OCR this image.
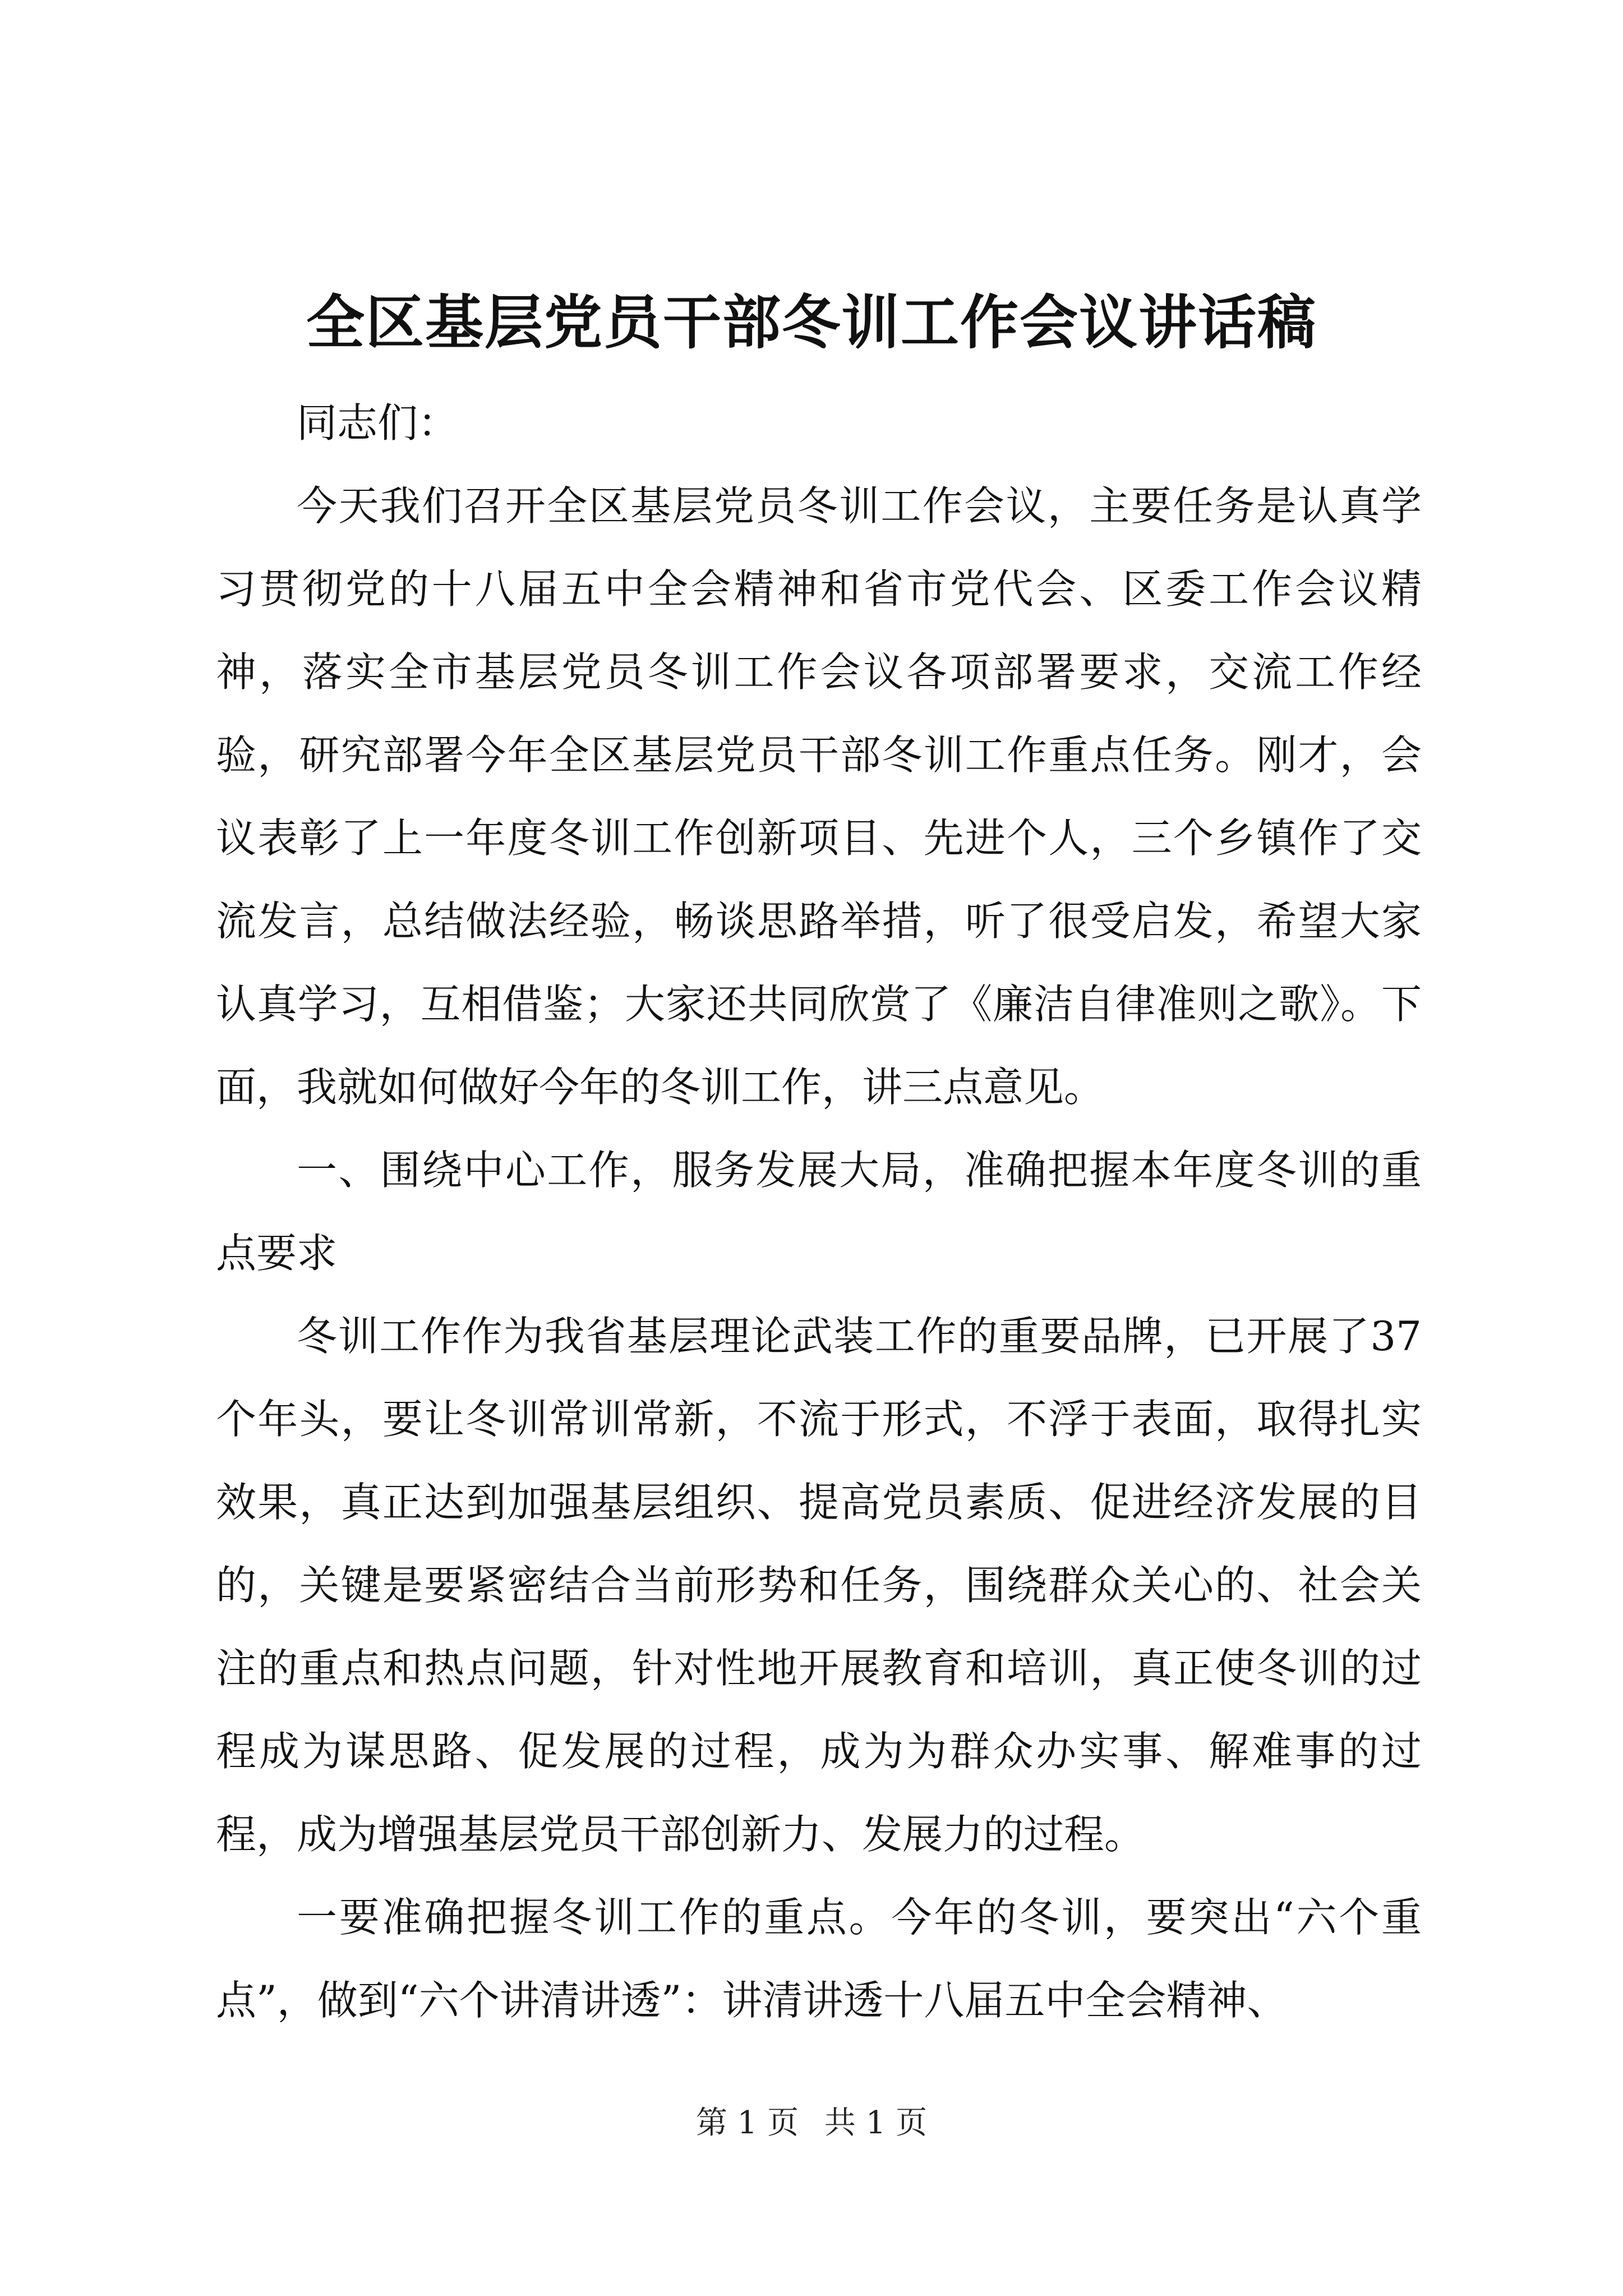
全区基层党员干部冬训工作会议讲话稿

同志们：

今天我们召开全区基层党员冬训工作会议，主要任务是认真学习贯彻党的十八届五中全会精神和省市党代会、区委工作会议精神，落实全市基层党员冬训工作会议各项部署要求，交流工作经验，研究部署今年全区基层党员干部冬训工作重点任务。刚才，会议表彰了上一年度冬训工作创新项目、先进个人，三个乡镇作了交流发言，总结做法经验，畅谈思路举措，听了很受启发，希望大家认真学习，互相借鉴；大家还共同欣赏了《廉洁自律准则之歌》。下面，我就如何做好今年的冬训工作，讲三点意见。

一、围绕中心工作，服务发展大局，准确把握本年度冬训的重点要求

冬训工作作为我省基层理论武装工作的重要品牌，已开展了37个年头，要让冬训常训常新，不流于形式，不浮于表面，取得扎实效果，真正达到加强基层组织、提高党员素质、促进经济发展的目的，关键是要紧密结合当前形势和任务，围绕群众关心的、社会关注的重点和热点问题，针对性地开展教育和培训，真正使冬训的过程成为谋思路、促发展的过程，成为为群众办实事、解难事的过程，成为增强基层党员干部创新力、发展力的过程。

一要准确把握冬训工作的重点。今年的冬训，要突出“六个重点”，做到“六个讲清讲透”：讲清讲透十八届五中全会精神、

第 1 页 共 1 页
